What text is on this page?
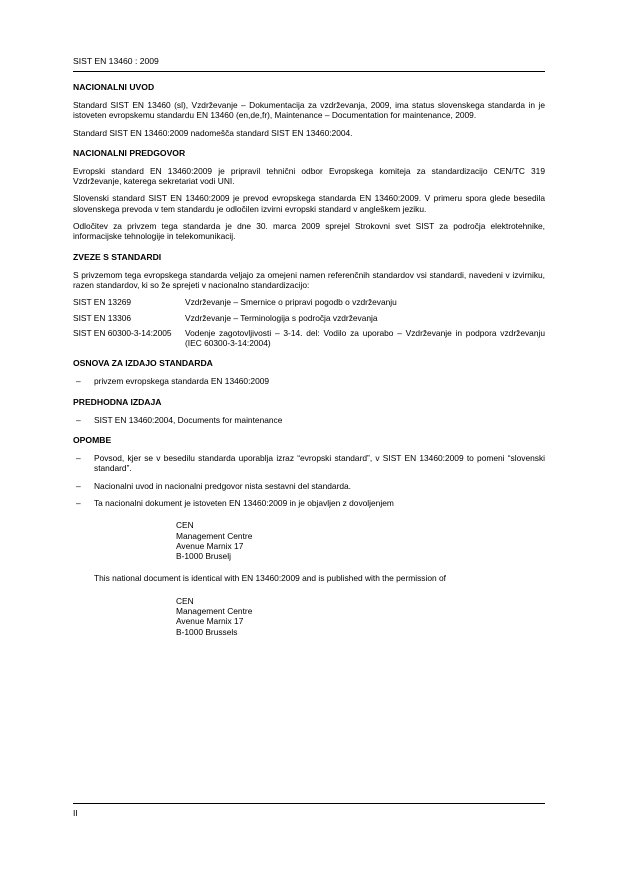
SIST EN 13460 : 2009
NACIONALNI UVOD

Standard SIST EN 13460 (sl), Vzdrževanje – Dokumentacija za vzdrževanja, 2009, ima status slovenskega standarda in je istoveten evropskemu standardu EN 13460 (en,de,fr), Maintenance – Documentation for maintenance, 2009.

Standard SIST EN 13460:2009 nadomešča standard SIST EN 13460:2004.

NACIONALNI PREDGOVOR

Evropski standard EN 13460:2009 je pripravil tehnični odbor Evropskega komiteja za standardizacijo CEN/TC 319 Vzdrževanje, katerega sekretariat vodi UNI.

Slovenski standard SIST EN 13460:2009 je prevod evropskega standarda EN 13460:2009. V primeru spora glede besedila slovenskega prevoda v tem standardu je odločilen izvirni evropski standard v angleškem jeziku.

Odločitev za privzem tega standarda je dne 30. marca 2009 sprejel Strokovni svet SIST za področja elektrotehnike, informacijske tehnologije in telekomunikacij.

ZVEZE S STANDARDI

S privzemom tega evropskega standarda veljajo za omejeni namen referenčnih standardov vsi standardi, navedeni v izvirniku, razen standardov, ki so že sprejeti v nacionalno standardizacijo:

SIST EN 13269	Vzdrževanje – Smernice o pripravi pogodb o vzdrževanju
SIST EN 13306	Vzdrževanje – Terminologija s področja vzdrževanja
SIST EN 60300-3-14:2005	Vodenje zagotovljivosti – 3-14. del: Vodilo za uporabo – Vzdrževanje in podpora vzdrževanju (IEC 60300-3-14:2004)
OSNOVA ZA IZDAJO STANDARDA
– privzem evropskega standarda EN 13460:2009
PREDHODNA IZDAJA
– SIST EN 13460:2004, Documents for maintenance
OPOMBE
– Povsod, kjer se v besedilu standarda uporablja izraz “evropski standard”, v SIST EN 13460:2009 to pomeni “slovenski standard”.
– Nacionalni uvod in nacionalni predgovor nista sestavni del standarda.
– Ta nacionalni dokument je istoveten EN 13460:2009 in je objavljen z dovoljenjem
CEN
Management Centre
Avenue Marnix 17
B-1000 Bruselj

This national document is identical with EN 13460:2009 and is published with the permission of

CEN
Management Centre
Avenue Marnix 17
B-1000 Brussels
II
